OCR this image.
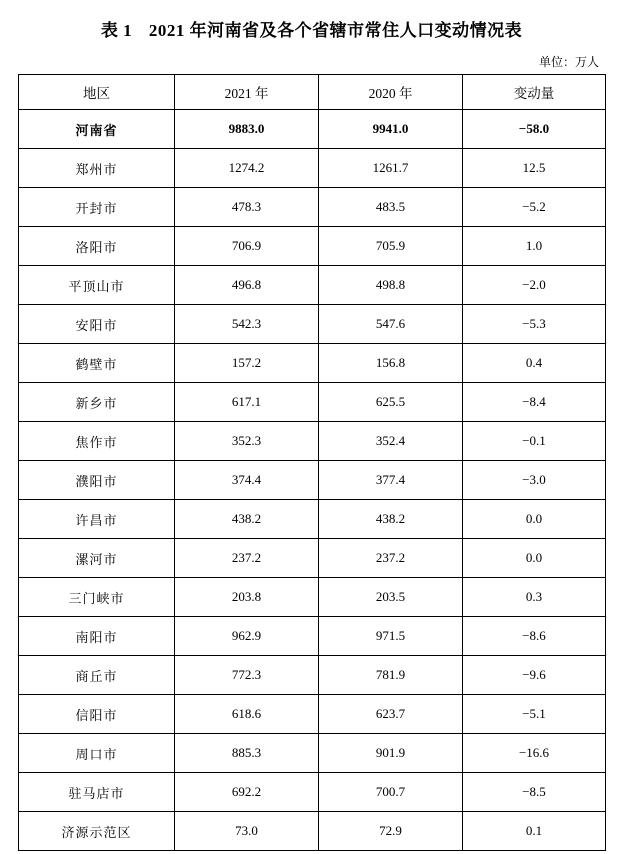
表 1 2021 年河南省及各个省辖市常住人口变动情况表
单位：万人
地区	2021 年	2020 年	变动量
河南省	9883.0	9941.0	−58.0
郑州市	1274.2	1261.7	12.5
开封市	478.3	483.5	−5.2
洛阳市	706.9	705.9	1.0
平顶山市	496.8	498.8	−2.0
安阳市	542.3	547.6	−5.3
鹤壁市	157.2	156.8	0.4
新乡市	617.1	625.5	−8.4
焦作市	352.3	352.4	−0.1
濮阳市	374.4	377.4	−3.0
许昌市	438.2	438.2	0.0
漯河市	237.2	237.2	0.0
三门峡市	203.8	203.5	0.3
南阳市	962.9	971.5	−8.6
商丘市	772.3	781.9	−9.6
信阳市	618.6	623.7	−5.1
周口市	885.3	901.9	−16.6
驻马店市	692.2	700.7	−8.5
济源示范区	73.0	72.9	0.1
